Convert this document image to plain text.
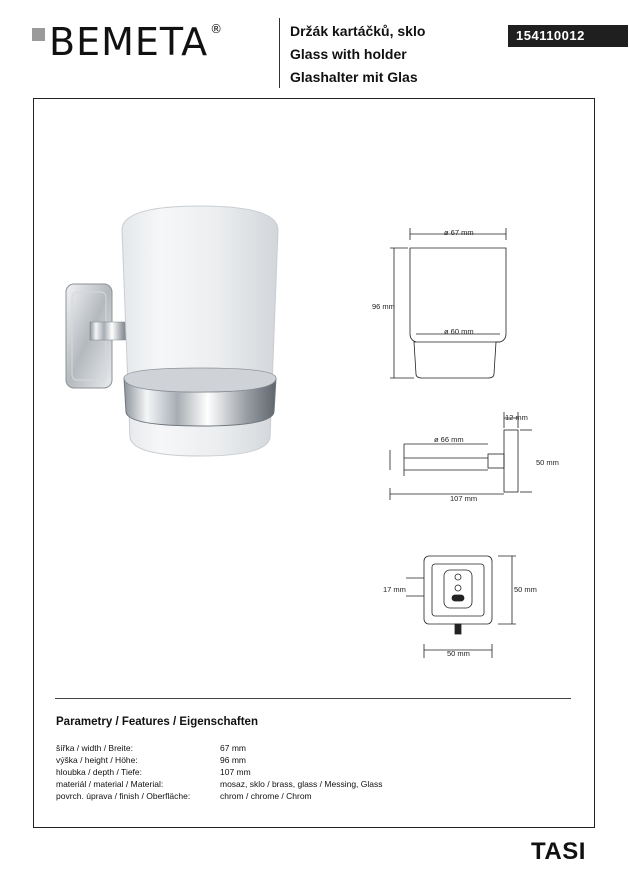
BEMETA ®	Držák kartáčků, sklo
Glass with holder
Glashalter mit Glas
154110012
ø 67 mm
96 mm
ø 60 mm
12 mm
ø 66 mm
50 mm
107 mm
17 mm	50 mm
50 mm
Parametry / Features / Eigenschaften
šířka / width / Breite:	67 mm
výška / height / Höhe:	96 mm
hloubka / depth / Tiefe:	107 mm
materiál / material / Material:	mosaz, sklo / brass, glass / Messing, Glass
povrch. úprava / finish / Oberfläche:	chrom / chrome / Chrom
TASI
